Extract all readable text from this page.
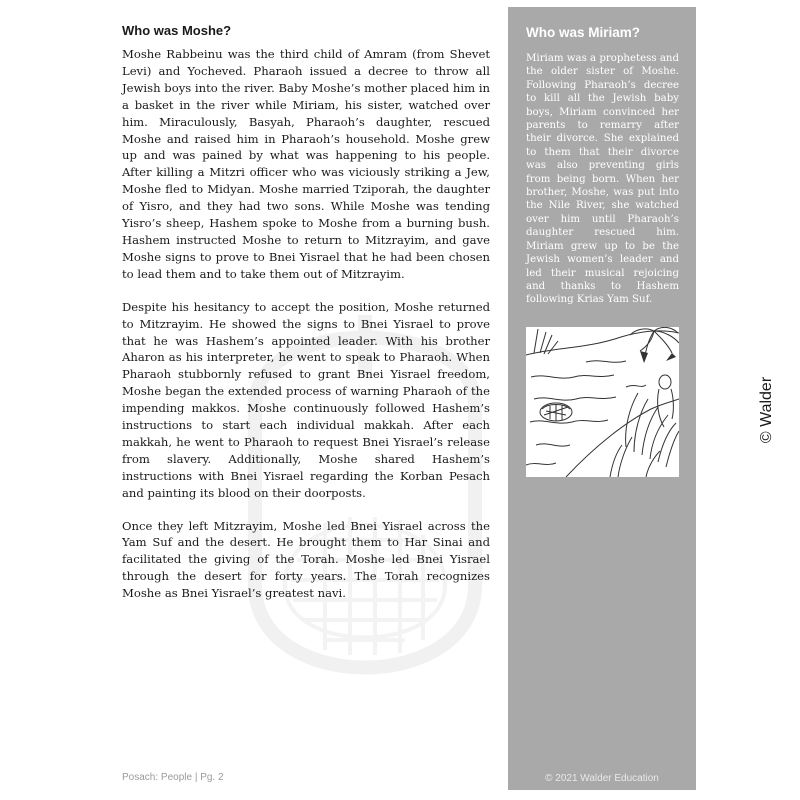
Who was Moshe?

Moshe Rabbeinu was the third child of Amram (from Shevet Levi) and Yocheved. Pharaoh issued a decree to throw all Jewish boys into the river. Baby Moshe’s mother placed him in a basket in the river while Miriam, his sister, watched over him. Miraculously, Basyah, Pharaoh’s daughter, rescued Moshe and raised him in Pharaoh’s household. Moshe grew up and was pained by what was happening to his people. After killing a Mitzri officer who was viciously striking a Jew, Moshe fled to Midyan. Moshe married Tziporah, the daughter of Yisro, and they had two sons. While Moshe was tending Yisro’s sheep, Hashem spoke to Moshe from a burning bush. Hashem instructed Moshe to return to Mitzrayim, and gave Moshe signs to prove to Bnei Yisrael that he had been chosen to lead them and to take them out of Mitzrayim.

Despite his hesitancy to accept the position, Moshe returned to Mitzrayim. He showed the signs to Bnei Yisrael to prove that he was Hashem’s appointed leader. With his brother Aharon as his interpreter, he went to speak to Pharaoh. When Pharaoh stubbornly refused to grant Bnei Yisrael freedom, Moshe began the extended process of warning Pharaoh of the impending makkos. Moshe continuously followed Hashem’s instructions to start each individual makkah. After each makkah, he went to Pharaoh to request Bnei Yisrael’s release from slavery. Additionally, Moshe shared Hashem’s instructions with Bnei Yisrael regarding the Korban Pesach and painting its blood on their doorposts.

Once they left Mitzrayim, Moshe led Bnei Yisrael across the Yam Suf and the desert. He brought them to Har Sinai and facilitated the giving of the Torah. Moshe led Bnei Yisrael through the desert for forty years. The Torah recognizes Moshe as Bnei Yisrael’s greatest navi.

Who was Miriam?
Miriam was a prophetess and the older sister of Moshe. Following Pharaoh’s decree to kill all the Jewish baby boys, Miriam convinced her parents to remarry after their divorce. She explained to them that their divorce was also preventing girls from being born. When her brother, Moshe, was put into the Nile River, she watched over him until Pharaoh’s daughter rescued him. Miriam grew up to be the Jewish women’s leader and led their musical rejoicing and thanks to Hashem following Krias Yam Suf.
© 2021 Walder Education
Posach: People | Pg. 2
© Walder
